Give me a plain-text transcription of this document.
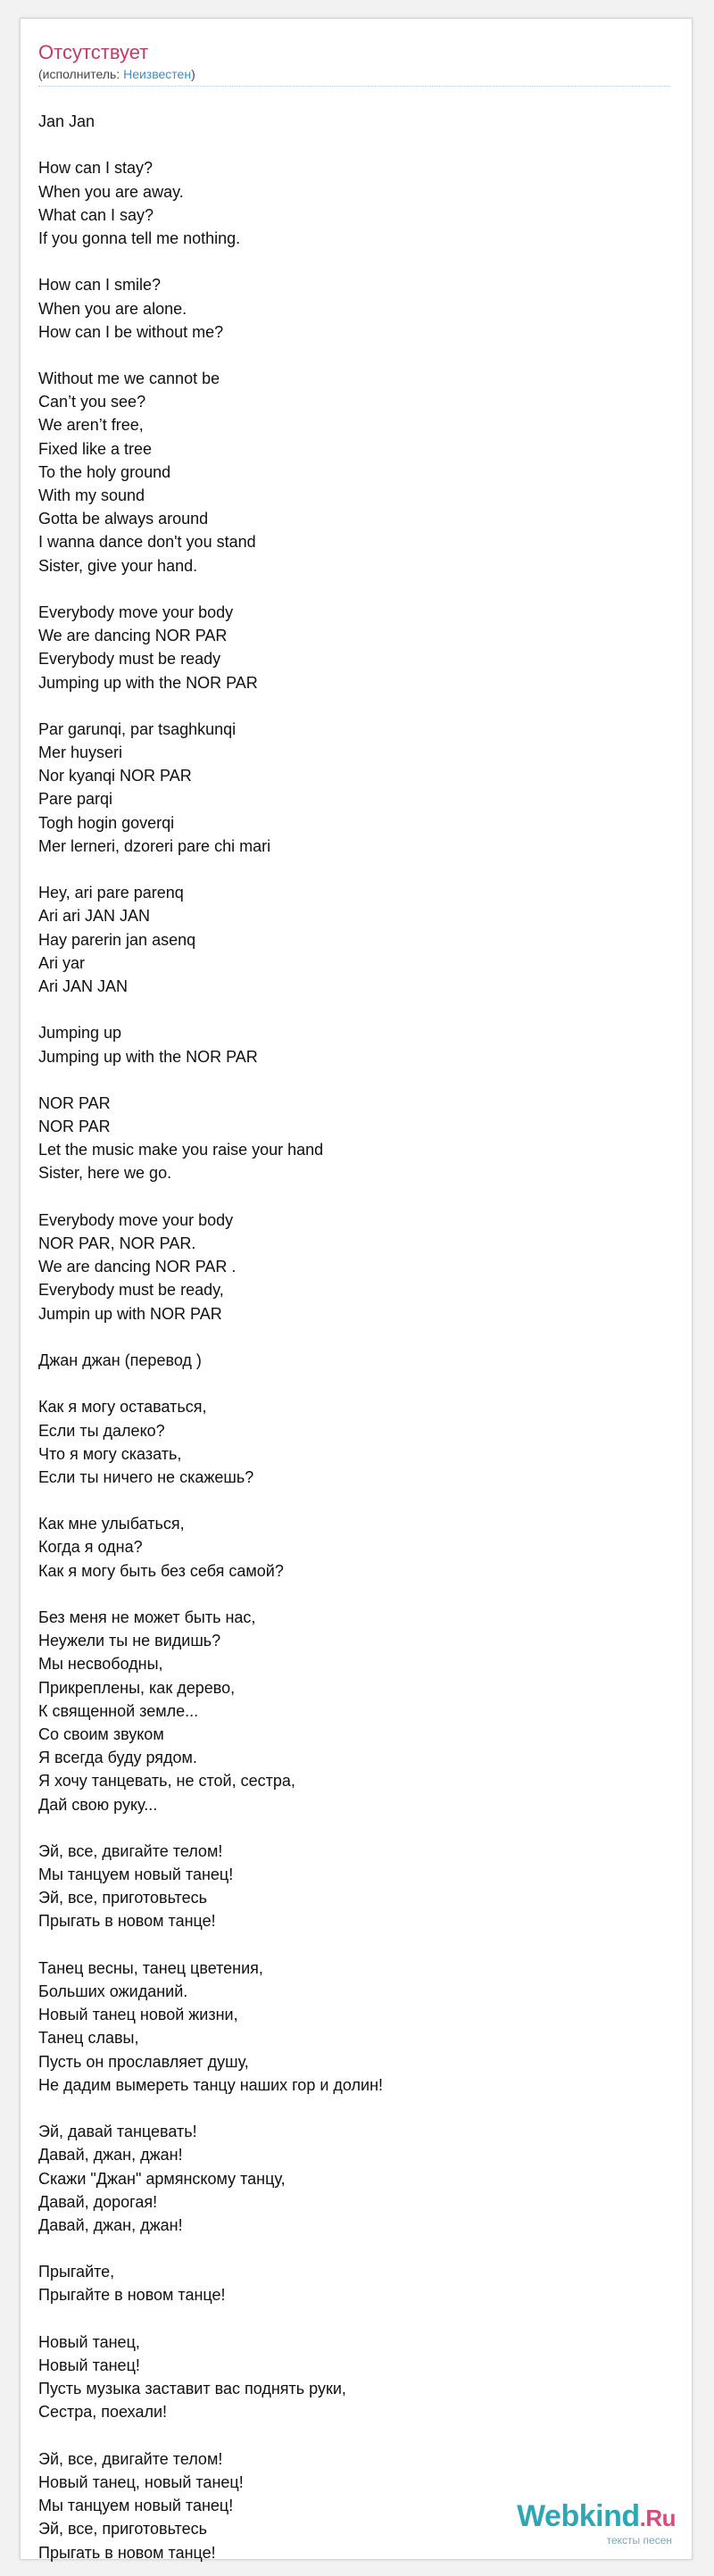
Отсутствует
(исполнитель: Неизвестен)
Jan Jan
How can I stay?
When you are away.
What can I say?
If you gonna tell me nothing.
How can I smile?
When you are alone.
How can I be without me?
Without me we cannot be
Can’t you see?
We aren’t free,
Fixed like a tree
To the holy ground
With my sound
Gotta be always around
I wanna dance don't you stand
Sister, give your hand.
Everybody move your body
We are dancing NOR PAR
Everybody must be ready
Jumping up with the NOR PAR
Par garunqi, par tsaghkunqi
Mer huyseri
Nor kyanqi NOR PAR
Pare parqi
Togh hogin goverqi
Mer lerneri, dzoreri pare chi mari
Hey, ari pare parenq
Ari ari JAN JAN
Hay parerin jan asenq
Ari yar
Ari JAN JAN
Jumping up
Jumping up with the NOR PAR
NOR PAR
NOR PAR
Let the music make you raise your hand
Sister, here we go.
Everybody move your body
NOR PAR, NOR PAR.
We are dancing NOR PAR .
Everybody must be ready,
Jumpin up with NOR PAR
Джан джан (перевод )
Как я могу оставаться,
Если ты далеко?
Что я могу сказать,
Если ты ничего не скажешь?
Как мне улыбаться,
Когда я одна?
Как я могу быть без себя самой?
Без меня не может быть нас,
Неужели ты не видишь?
Мы несвободны,
Прикреплены, как дерево,
К священной земле...
Со своим звуком
Я всегда буду рядом.
Я хочу танцевать, не стой, сестра,
Дай свою руку...
Эй, все, двигайте телом!
Мы танцуем новый танец!
Эй, все, приготовьтесь
Прыгать в новом танце!
Танец весны, танец цветения,
Больших ожиданий.
Новый танец новой жизни,
Танец славы,
Пусть он прославляет душу,
Не дадим вымереть танцу наших гор и долин!
Эй, давай танцевать!
Давай, джан, джан!
Скажи "Джан" армянскому танцу,
Давай, дорогая!
Давай, джан, джан!
Прыгайте,
Прыгайте в новом танце!
Новый танец,
Новый танец!
Пусть музыка заставит вас поднять руки,
Сестра, поехали!
Эй, все, двигайте телом!
Новый танец, новый танец!
Мы танцуем новый танец!
Эй, все, приготовьтесь
Прыгать в новом танце!
Webkind.Ru
тексты песен
